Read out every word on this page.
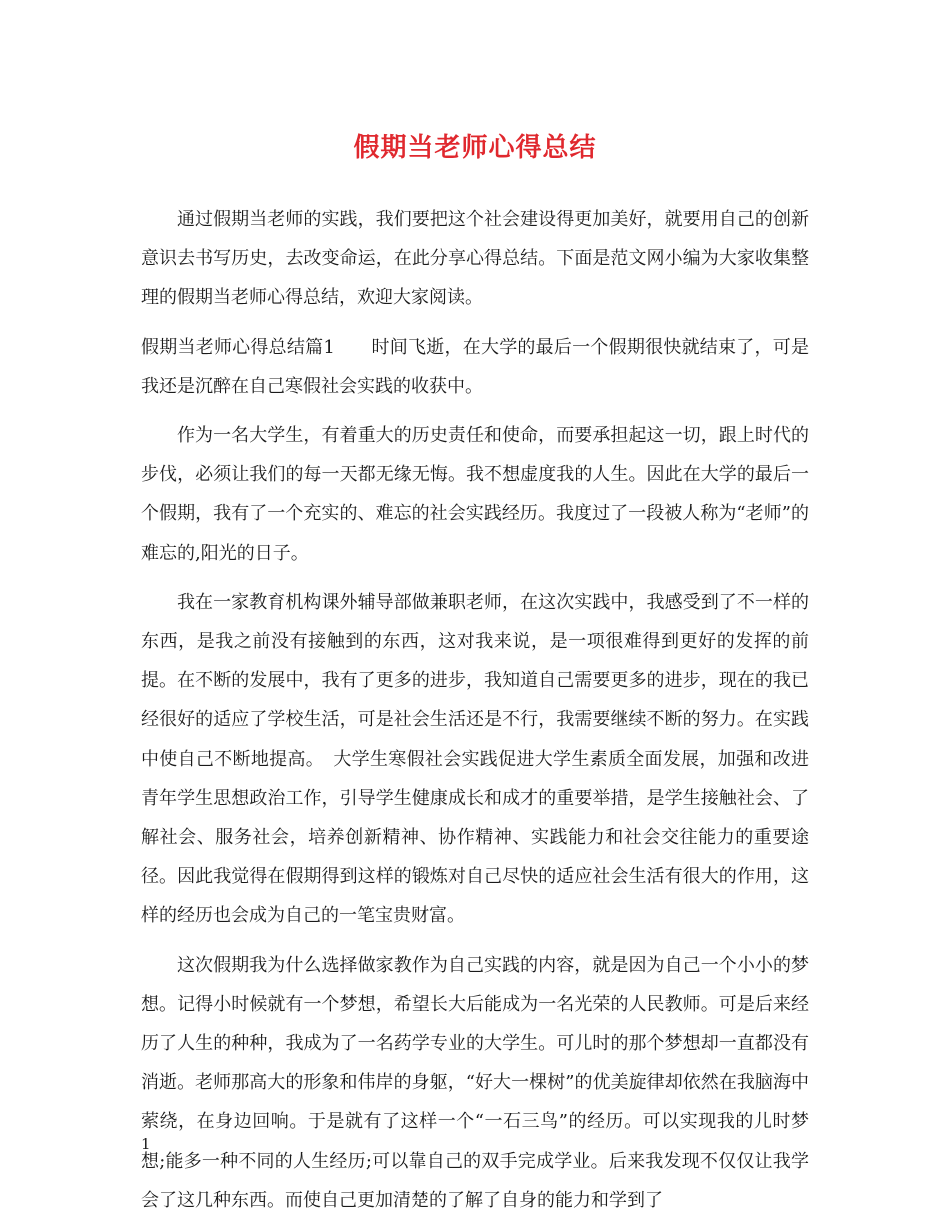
假期当老师心得总结

通过假期当老师的实践，我们要把这个社会建设得更加美好，就要用自己的创新意识去书写历史，去改变命运，在此分享心得总结。下面是范文网小编为大家收集整理的假期当老师心得总结，欢迎大家阅读。

假期当老师心得总结篇1　　时间飞逝，在大学的最后一个假期很快就结束了，可是我还是沉醉在自己寒假社会实践的收获中。

作为一名大学生，有着重大的历史责任和使命，而要承担起这一切，跟上时代的步伐，必须让我们的每一天都无缘无悔。我不想虚度我的人生。因此在大学的最后一个假期，我有了一个充实的、难忘的社会实践经历。我度过了一段被人称为“老师”的难忘的,阳光的日子。

我在一家教育机构课外辅导部做兼职老师，在这次实践中，我感受到了不一样的东西，是我之前没有接触到的东西，这对我来说，是一项很难得到更好的发挥的前提。在不断的发展中，我有了更多的进步，我知道自己需要更多的进步，现在的我已经很好的适应了学校生活，可是社会生活还是不行，我需要继续不断的努力。在实践中使自己不断地提高。　大学生寒假社会实践促进大学生素质全面发展，加强和改进青年学生思想政治工作，引导学生健康成长和成才的重要举措，是学生接触社会、了解社会、服务社会，培养创新精神、协作精神、实践能力和社会交往能力的重要途径。因此我觉得在假期得到这样的锻炼对自己尽快的适应社会生活有很大的作用，这样的经历也会成为自己的一笔宝贵财富。

这次假期我为什么选择做家教作为自己实践的内容，就是因为自己一个小小的梦想。记得小时候就有一个梦想，希望长大后能成为一名光荣的人民教师。可是后来经历了人生的种种，我成为了一名药学专业的大学生。可儿时的那个梦想却一直都没有消逝。老师那高大的形象和伟岸的身躯，“好大一棵树”的优美旋律却依然在我脑海中萦绕，在身边回响。于是就有了这样一个“一石三鸟”的经历。可以实现我的儿时梦想;能多一种不同的人生经历;可以靠自己的双手完成学业。后来我发现不仅仅让我学会了这几种东西。而使自己更加清楚的了解了自身的能力和学到了

1
